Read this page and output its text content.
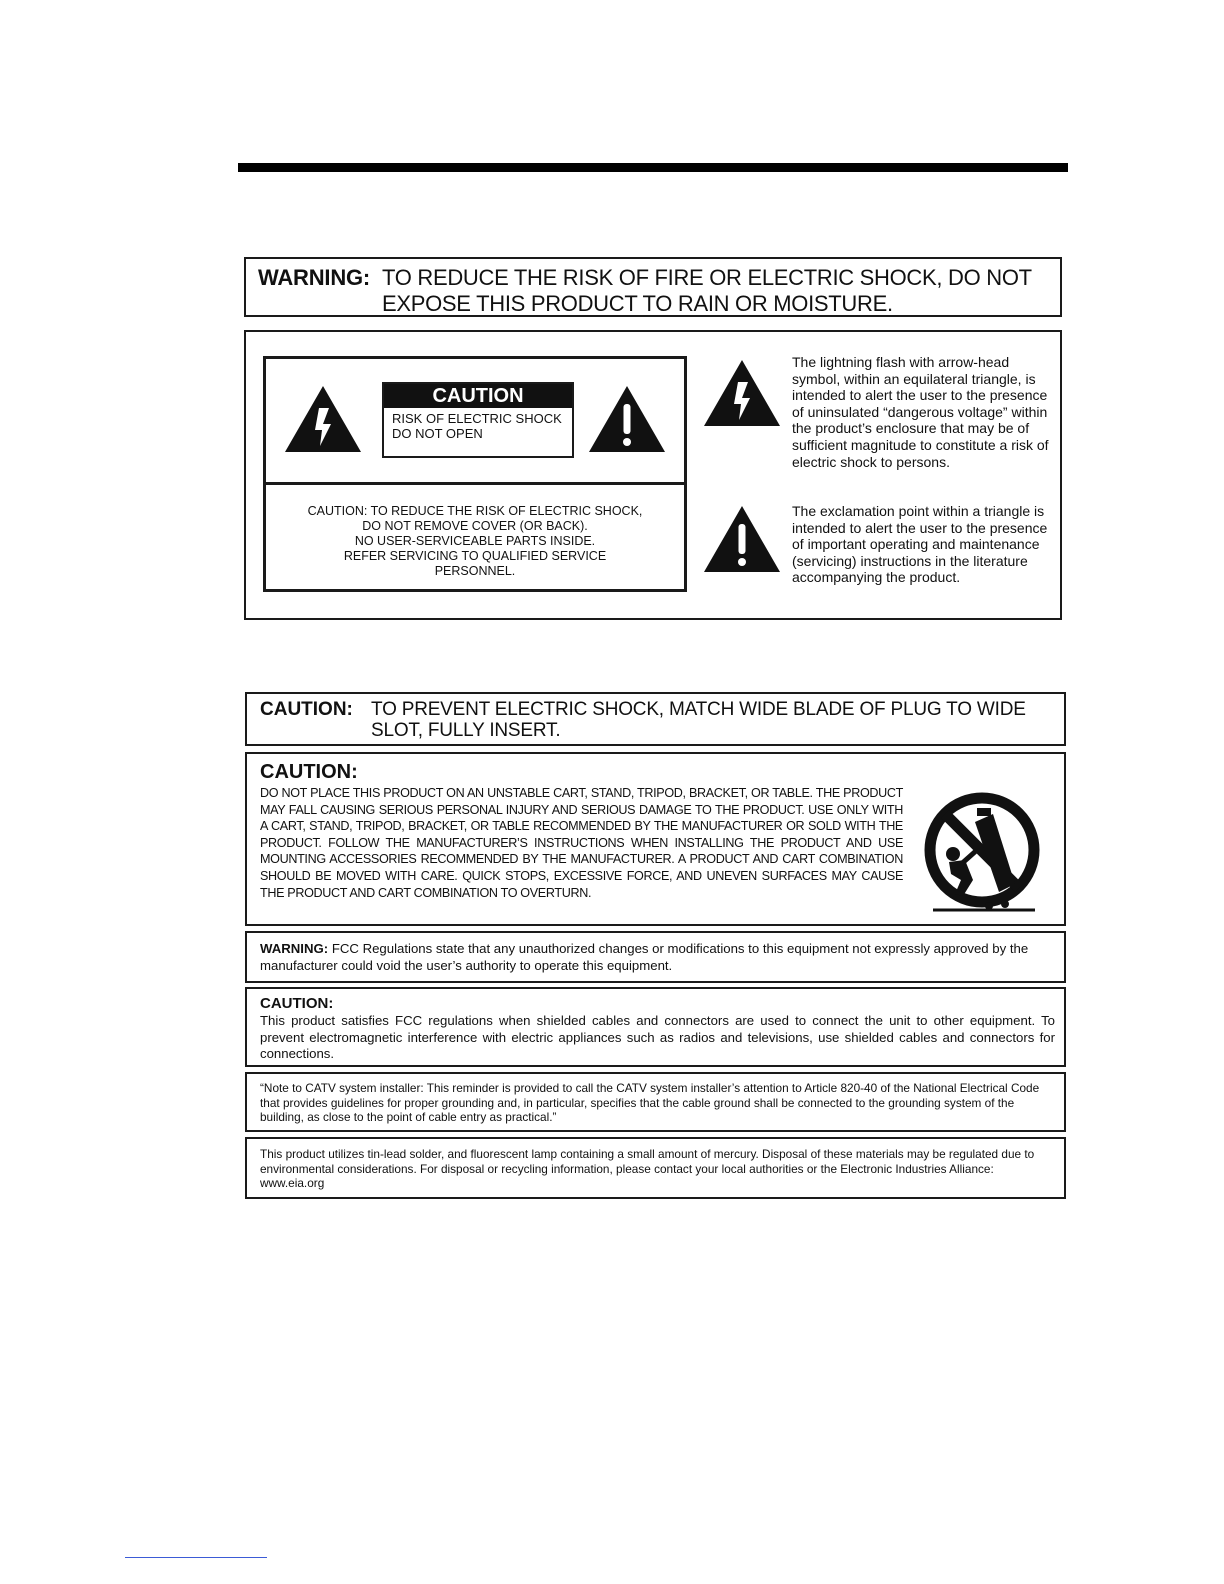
WARNING: TO REDUCE THE RISK OF FIRE OR ELECTRIC SHOCK, DO NOT EXPOSE THIS PRODUCT TO RAIN OR MOISTURE.
CAUTION
RISK OF ELECTRIC SHOCK
DO NOT OPEN
CAUTION: TO REDUCE THE RISK OF ELECTRIC SHOCK,
DO NOT REMOVE COVER (OR BACK).
NO USER-SERVICEABLE PARTS INSIDE.
REFER SERVICING TO QUALIFIED SERVICE
PERSONNEL.
The lightning flash with arrow-head symbol, within an equilateral triangle, is intended to alert the user to the presence of uninsulated “dangerous voltage” within the product’s enclosure that may be of sufficient magnitude to constitute a risk of electric shock to persons.
The exclamation point within a triangle is intended to alert the user to the presence of important operating and maintenance (servicing) instructions in the literature accompanying the product.
CAUTION: TO PREVENT ELECTRIC SHOCK, MATCH WIDE BLADE OF PLUG TO WIDE SLOT, FULLY INSERT.
CAUTION:
DO NOT PLACE THIS PRODUCT ON AN UNSTABLE CART, STAND, TRIPOD, BRACKET, OR TABLE. THE PRODUCT MAY FALL CAUSING SERIOUS PERSONAL INJURY AND SERIOUS DAMAGE TO THE PRODUCT. USE ONLY WITH A CART, STAND, TRIPOD, BRACKET, OR TABLE RECOMMENDED BY THE MANUFACTURER OR SOLD WITH THE PRODUCT. FOLLOW THE MANUFACTURER’S INSTRUCTIONS WHEN INSTALLING THE PRODUCT AND USE MOUNTING ACCESSORIES RECOMMENDED BY THE MANUFACTURER. A PRODUCT AND CART COMBINATION SHOULD BE MOVED WITH CARE. QUICK STOPS, EXCESSIVE FORCE, AND UNEVEN SURFACES MAY CAUSE THE PRODUCT AND CART COMBINATION TO OVERTURN.
WARNING: FCC Regulations state that any unauthorized changes or modifications to this equipment not expressly approved by the manufacturer could void the user’s authority to operate this equipment.
CAUTION:
This product satisfies FCC regulations when shielded cables and connectors are used to connect the unit to other equipment. To prevent electromagnetic interference with electric appliances such as radios and televisions, use shielded cables and connectors for connections.
“Note to CATV system installer: This reminder is provided to call the CATV system installer’s attention to Article 820-40 of the National Electrical Code that provides guidelines for proper grounding and, in particular, specifies that the cable ground shall be connected to the grounding system of the building, as close to the point of cable entry as practical.”
This product utilizes tin-lead solder, and fluorescent lamp containing a small amount of mercury. Disposal of these materials may be regulated due to environmental considerations. For disposal or recycling information, please contact your local authorities or the Electronic Industries Alliance: www.eia.org
